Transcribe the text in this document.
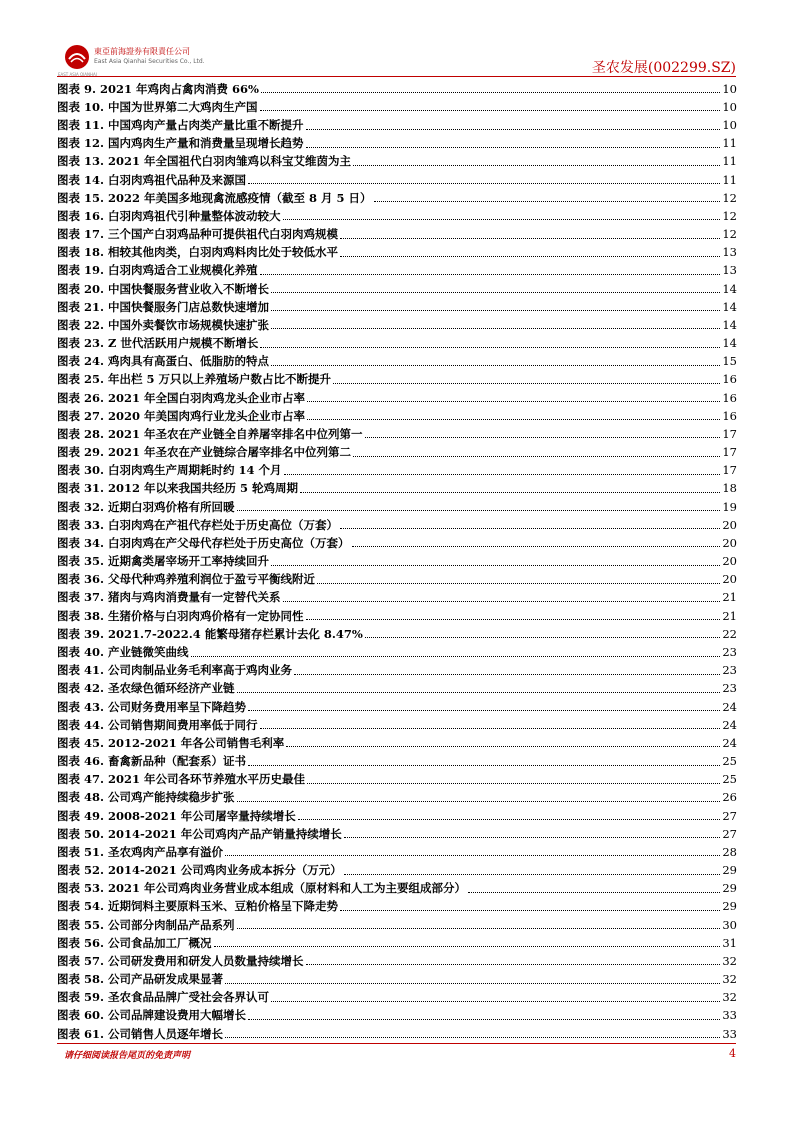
東亞前海證券有限責任公司
East Asia Qianhai Securities Co., Ltd.
EAST ASIA QIANHAI	圣农发展(002299.SZ)
图表 9. 2021 年鸡肉占禽肉消费 66%	10
图表 10. 中国为世界第二大鸡肉生产国	10
图表 11. 中国鸡肉产量占肉类产量比重不断提升	10
图表 12. 国内鸡肉生产量和消费量呈现增长趋势	11
图表 13. 2021 年全国祖代白羽肉雏鸡以科宝艾维茵为主	11
图表 14. 白羽肉鸡祖代品种及来源国	11
图表 15. 2022 年美国多地现禽流感疫情（截至 8 月 5 日）	12
图表 16. 白羽肉鸡祖代引种量整体波动较大	12
图表 17. 三个国产白羽鸡品种可提供祖代白羽肉鸡规模	12
图表 18. 相较其他肉类，白羽肉鸡料肉比处于较低水平	13
图表 19. 白羽肉鸡适合工业规模化养殖	13
图表 20. 中国快餐服务营业收入不断增长	14
图表 21. 中国快餐服务门店总数快速增加	14
图表 22. 中国外卖餐饮市场规模快速扩张	14
图表 23. Z 世代活跃用户规模不断增长	14
图表 24. 鸡肉具有高蛋白、低脂肪的特点	15
图表 25. 年出栏 5 万只以上养殖场户数占比不断提升	16
图表 26. 2021 年全国白羽肉鸡龙头企业市占率	16
图表 27. 2020 年美国肉鸡行业龙头企业市占率	16
图表 28. 2021 年圣农在产业链全自养屠宰排名中位列第一	17
图表 29. 2021 年圣农在产业链综合屠宰排名中位列第二	17
图表 30. 白羽肉鸡生产周期耗时约 14 个月	17
图表 31. 2012 年以来我国共经历 5 轮鸡周期	18
图表 32. 近期白羽鸡价格有所回暖	19
图表 33. 白羽肉鸡在产祖代存栏处于历史高位（万套）	20
图表 34. 白羽肉鸡在产父母代存栏处于历史高位（万套）	20
图表 35. 近期禽类屠宰场开工率持续回升	20
图表 36. 父母代种鸡养殖利润位于盈亏平衡线附近	20
图表 37. 猪肉与鸡肉消费量有一定替代关系	21
图表 38. 生猪价格与白羽肉鸡价格有一定协同性	21
图表 39. 2021.7-2022.4 能繁母猪存栏累计去化 8.47%	22
图表 40. 产业链微笑曲线	23
图表 41. 公司肉制品业务毛利率高于鸡肉业务	23
图表 42. 圣农绿色循环经济产业链	23
图表 43. 公司财务费用率呈下降趋势	24
图表 44. 公司销售期间费用率低于同行	24
图表 45. 2012-2021 年各公司销售毛利率	24
图表 46. 畜禽新品种（配套系）证书	25
图表 47. 2021 年公司各环节养殖水平历史最佳	25
图表 48. 公司鸡产能持续稳步扩张	26
图表 49. 2008-2021 年公司屠宰量持续增长	27
图表 50. 2014-2021 年公司鸡肉产品产销量持续增长	27
图表 51. 圣农鸡肉产品享有溢价	28
图表 52. 2014-2021 公司鸡肉业务成本拆分（万元）	29
图表 53. 2021 年公司鸡肉业务营业成本组成（原材料和人工为主要组成部分）	29
图表 54. 近期饲料主要原料玉米、豆粕价格呈下降走势	29
图表 55. 公司部分肉制品产品系列	30
图表 56. 公司食品加工厂概况	31
图表 57. 公司研发费用和研发人员数量持续增长	32
图表 58. 公司产品研发成果显著	32
图表 59. 圣农食品品牌广受社会各界认可	32
图表 60. 公司品牌建设费用大幅增长	33
图表 61. 公司销售人员逐年增长	33
请仔细阅读报告尾页的免责声明	4
